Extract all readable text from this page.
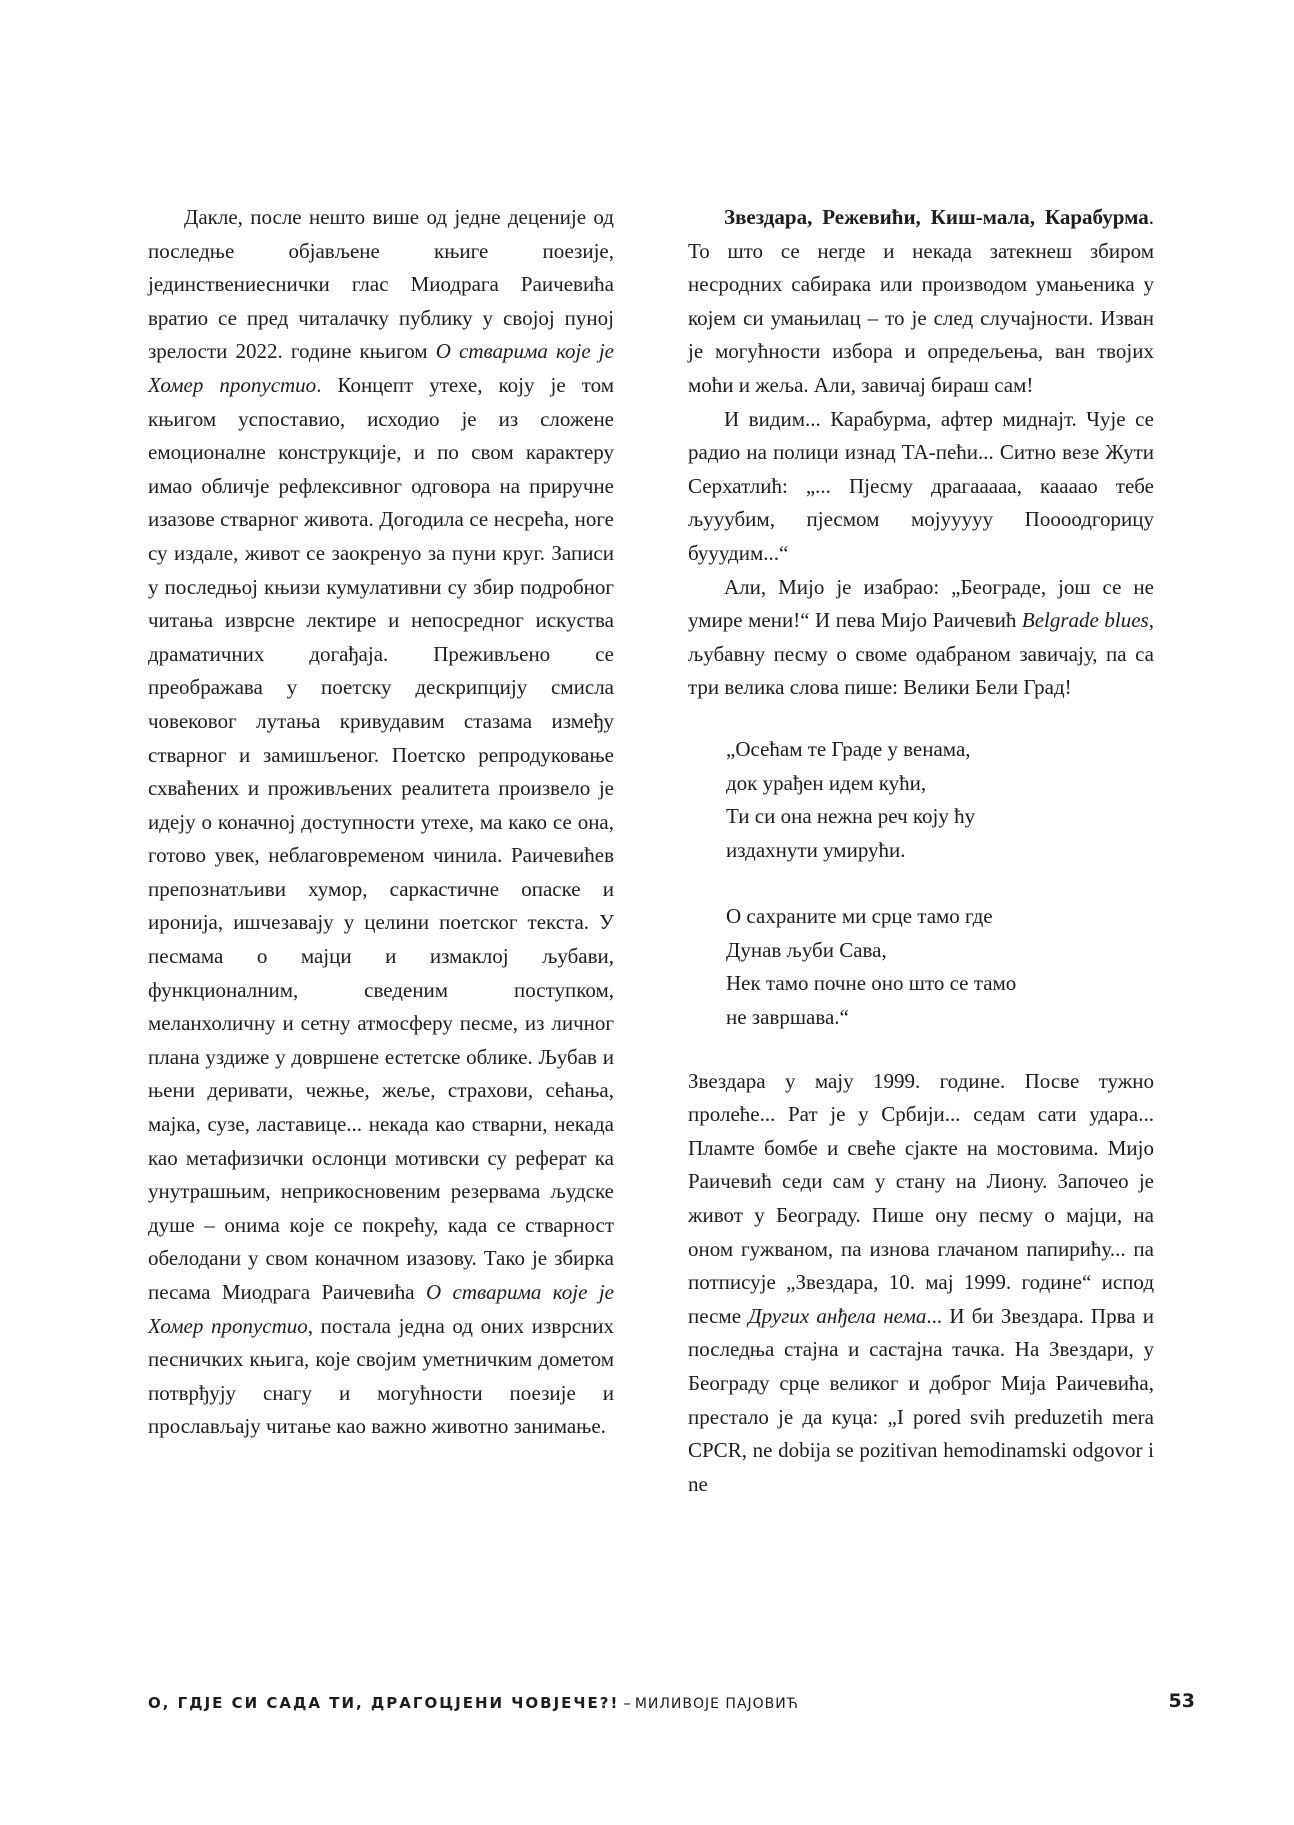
Дакле, после нешто више од једне деценије од последње објављене књиге поезије, јединствениеснички глас Миодрага Раичевића вратио се пред читалачку публику у својој пуној зрелости 2022. године књигом О стварима које је Хомер пропустио. Концепт утехе, коју је том књигом успоставио, исходио је из сложене емоционалне конструкције, и по свом карактеру имао обличје рефлексивног одговора на приручне изазове стварног живота. Догодила се несрећа, ноге су издале, живот се заокренуо за пуни круг. Записи у последњој књизи кумулативни су збир подробног читања изврсне лектире и непосредног искуства драматичних догађаја. Преживљено се преображава у поетску дескрипцију смисла човековог лутања кривудавим стазама између стварног и замишљеног. Поетско репродуковање схваћених и проживљених реалитета произвело је идеју о коначној доступности утехе, ма како се она, готово увек, неблаговременом чинила. Раичевићев препознатљиви хумор, саркастичне опаске и иронија, ишчезавају у целини поетског текста. У песмама о мајци и измаклој љубави, функционалним, сведеним поступком, меланхоличну и сетну атмосферу песме, из личног плана уздиже у довршене естетске облике. Љубав и њени деривати, чежње, жеље, страхови, сећања, мајка, сузе, ластавице... некада као стварни, некада као метафизички ослонци мотивски су реферат ка унутрашњим, неприкосновеним резервама људске душе – онима које се покрећу, када се стварност обелодани у свом коначном изазову. Тако је збирка песама Миодрага Раичевића О стварима које је Хомер пропустио, постала једна од оних изврсних песничких књига, које својим уметничким дометом потврђују снагу и могућности поезије и прослављају читање као важно животно занимање.

Звездара, Режевићи, Киш-мала, Карабурма. То што се негде и некада затекнеш збиром несродних сабирака или производом умањеника у којем си умањилац – то је след случајности. Изван је могућности избора и опредељења, ван твојих моћи и жеља. Али, завичај бираш сам!

И видим... Карабурма, афтер миднајт. Чује се радио на полици изнад ТА-пећи... Ситно везе Жути Серхатлић: „... Пјесму драгааааа, кааааo тебе љууубим, пјесмом мојуyyyy Поооодгорицу бууудим...“

Али, Мијо је изабрао: „Београде, још се не умире мени!“ И пева Мијо Раичевић Belgrade blues, љубавну песму о своме одабраном завичају, па са три велика слова пише: Велики Бели Град!

„Осећам те Граде у венама,
док урађен идем кући,
Ти си она нежна реч коју ћу
издахнути умирући.
О сахраните ми срце тамо где
Дунав љуби Сава,
Нек тамо почне оно што се тамо
не завршава.“

Звездара у мају 1999. године. Посве тужно пролеће... Рат је у Србији... седам сати удара... Пламте бомбе и свеће сјакте на мостовима. Мијо Раичевић седи сам у стану на Лиону. Започео је живот у Београду. Пише ону песму о мајци, на оном гужваном, па изнова глачаном папирићу... па потписује „Звездара, 10. мај 1999. године“ испод песме Других анђела нема... И би Звездара. Прва и последња стајна и састајна тачка. На Звездари, у Београду срце великог и доброг Мија Раичевића, престало је да куца: „I pored svih preduzetih mera CPCR, ne dobija se pozitivan hemodinamski odgovor i ne

О, ГДЈЕ СИ САДА ТИ, ДРАГОЦЈЕНИ ЧОВЈЕЧЕ?! – МИЛИВОЈЕ ПАЈОВИЋ	53
